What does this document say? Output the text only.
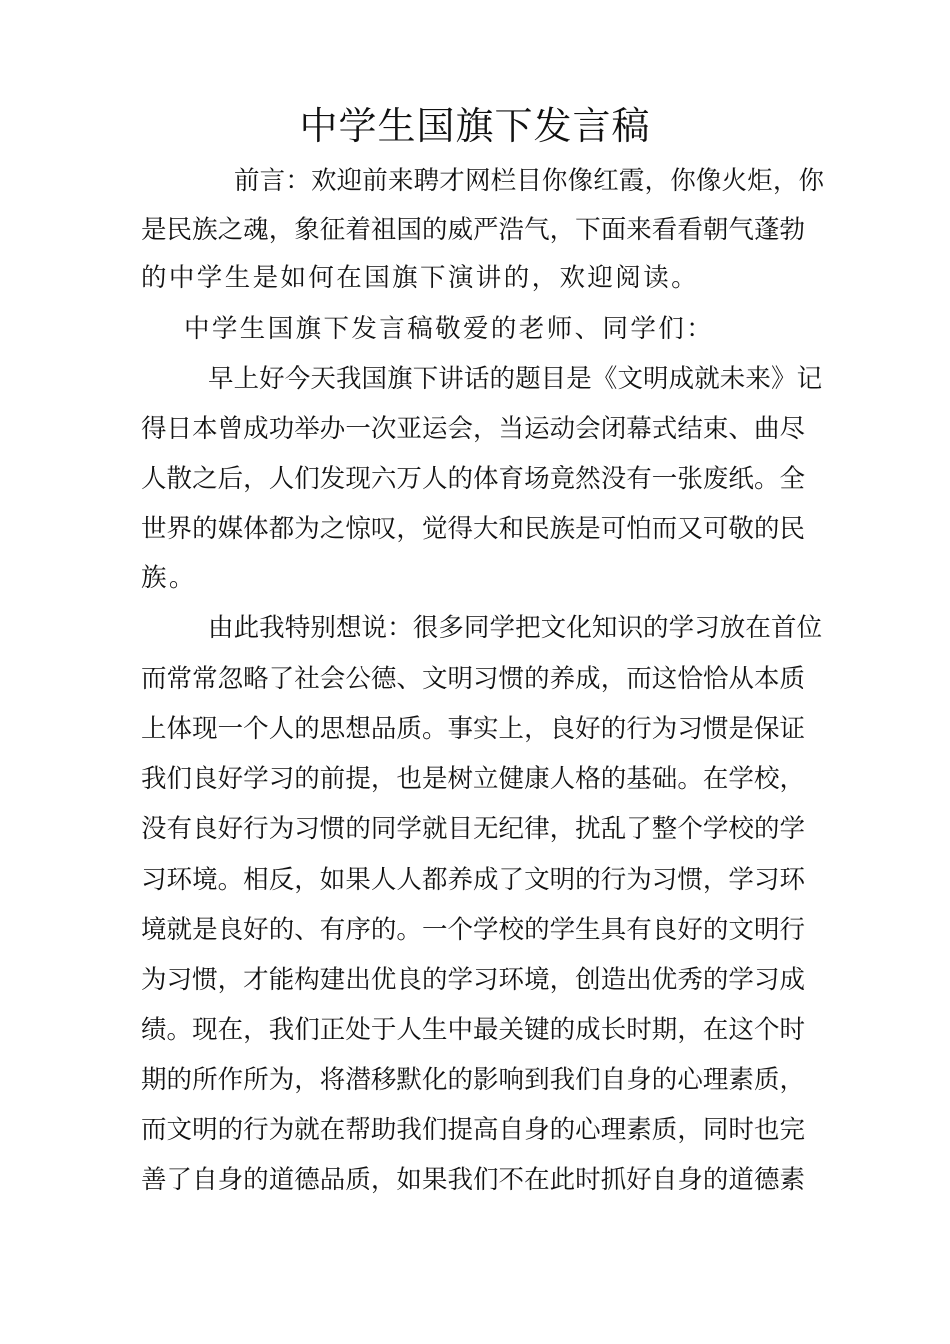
中学生国旗下发言稿
前言：欢迎前来聘才网栏目你像红霞，你像火炬，你
是民族之魂，象征着祖国的威严浩气，下面来看看朝气蓬勃
的中学生是如何在国旗下演讲的，欢迎阅读。
中学生国旗下发言稿敬爱的老师、同学们：
早上好今天我国旗下讲话的题目是《文明成就未来》记
得日本曾成功举办一次亚运会，当运动会闭幕式结束、曲尽
人散之后，人们发现六万人的体育场竟然没有一张废纸。全
世界的媒体都为之惊叹，觉得大和民族是可怕而又可敬的民
族。
由此我特别想说：很多同学把文化知识的学习放在首位
而常常忽略了社会公德、文明习惯的养成，而这恰恰从本质
上体现一个人的思想品质。事实上，良好的行为习惯是保证
我们良好学习的前提，也是树立健康人格的基础。在学校，
没有良好行为习惯的同学就目无纪律，扰乱了整个学校的学
习环境。相反，如果人人都养成了文明的行为习惯，学习环
境就是良好的、有序的。一个学校的学生具有良好的文明行
为习惯，才能构建出优良的学习环境，创造出优秀的学习成
绩。现在，我们正处于人生中最关键的成长时期，在这个时
期的所作所为，将潜移默化的影响到我们自身的心理素质，
而文明的行为就在帮助我们提高自身的心理素质，同时也完
善了自身的道德品质，如果我们不在此时抓好自身的道德素
